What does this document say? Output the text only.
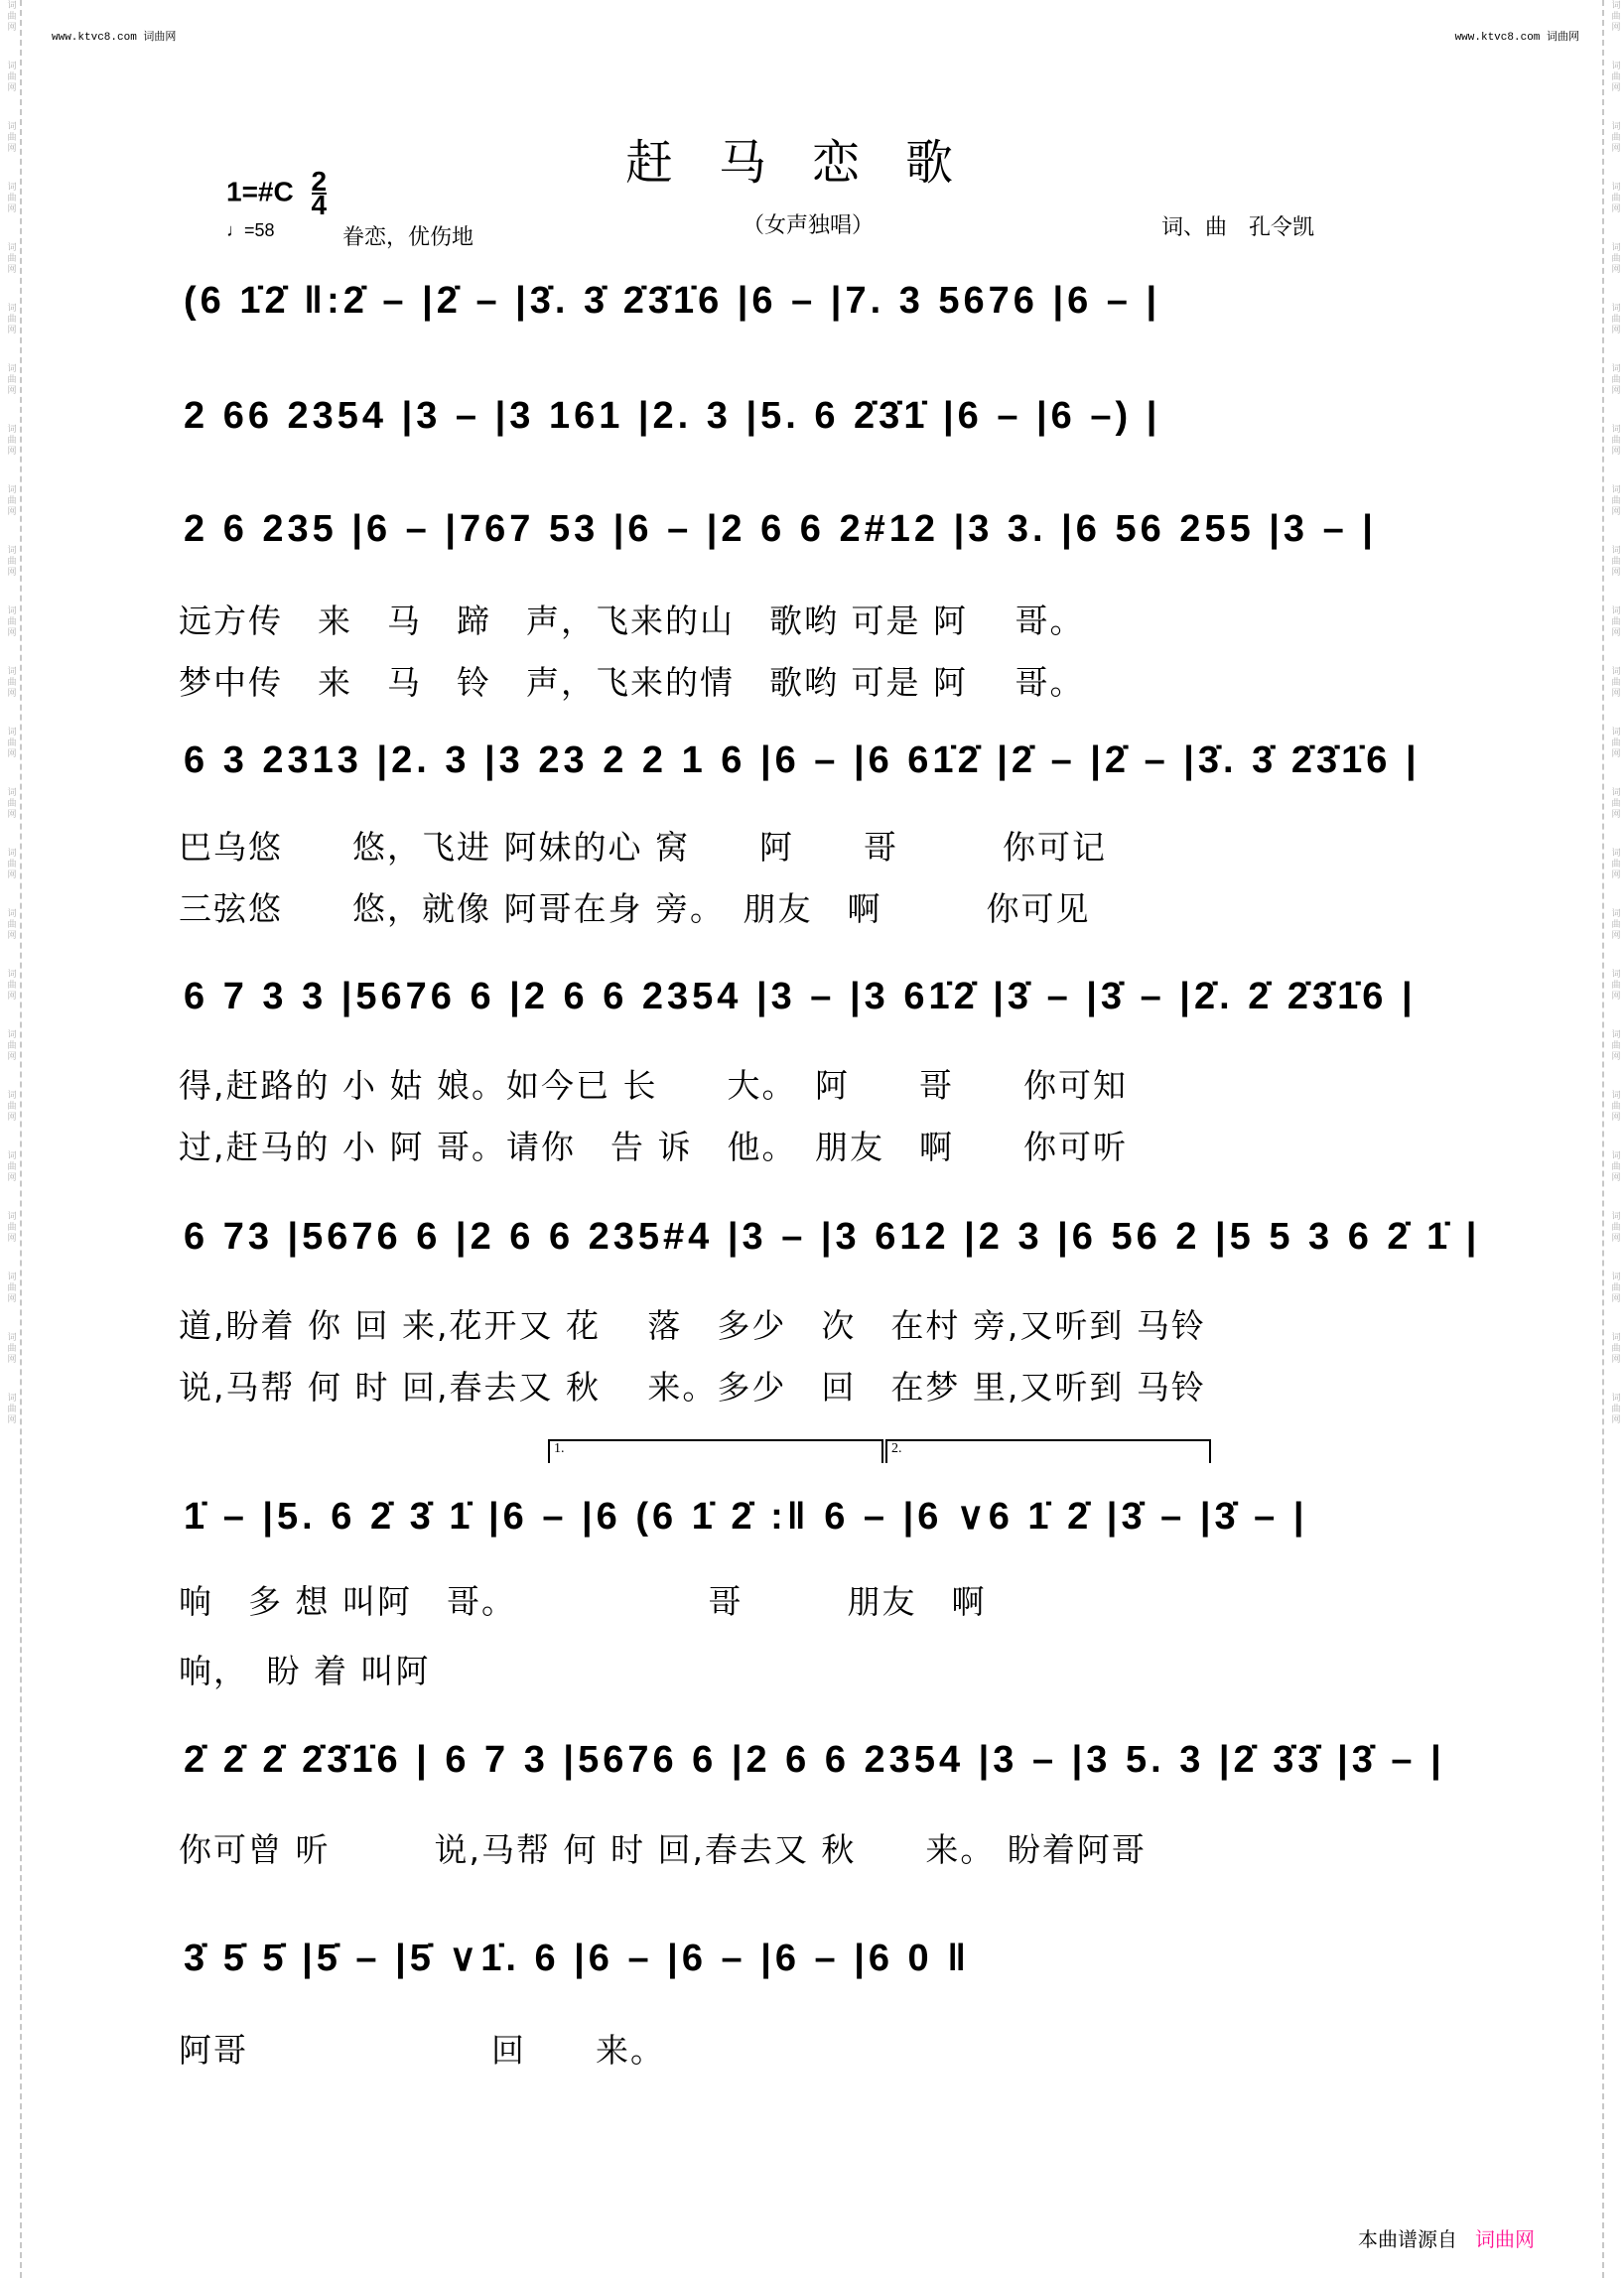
词曲网
词曲网
词曲网
词曲网
词曲网
词曲网
词曲网
词曲网
词曲网
词曲网
词曲网
词曲网
词曲网
词曲网
词曲网
词曲网
词曲网
词曲网
词曲网
词曲网
词曲网
词曲网
词曲网
词曲网
词曲网
词曲网
词曲网
词曲网
词曲网
词曲网
词曲网
词曲网
词曲网
词曲网
词曲网
词曲网
词曲网
词曲网
词曲网
词曲网
词曲网
词曲网
词曲网
词曲网
词曲网
词曲网
词曲网
词曲网
www.ktvc8.com 词曲网	www.ktvc8.com 词曲网
赶马恋歌
1=#C $\frac{2}{4}$
♩=58	眷恋，优伤地	（女声独唱）	词、曲　孔令凯
(6 1̇2̇ ‖:2̇ – |2̇ – |3̇. 3̇ 2̇3̇1̇6 |6 – |7. 3 5676 |6 – |
2 66 2354 |3 – |3 161 |2. 3 |5. 6 2̇3̇1̇ |6 – |6 –) |
2 6 235 |6 – |767 53 |6 – |2 6 6 2#12 |3 3. |6 56 255 |3 – |
远方传　来　马　蹄　声，飞来的山　歌哟 可是 阿　 哥。
梦中传　来　马　铃　声，飞来的情　歌哟 可是 阿　 哥。
6 3 2313 |2. 3 |3 23 2 2 1 6 |6 – |6 61̇2̇ |2̇ – |2̇ – |3̇. 3̇ 2̇3̇1̇6 |
巴乌悠　　悠，飞进 阿妹的心 窝　　阿　　哥　　　你可记
三弦悠　　悠，就像 阿哥在身 旁。　朋友　啊　　　你可见
6 7 3 3 |5676 6 |2 6 6 2354 |3 – |3 61̇2̇ |3̇ – |3̇ – |2̇. 2̇ 2̇3̇1̇6 |
得,赶路的 小 姑 娘。如今已 长　　大。　阿　　哥　　你可知
过,赶马的 小 阿 哥。请你　告 诉　他。　朋友　啊　　你可听
6 73 |5676 6 |2 6 6 235#4 |3 – |3 612 |2 3 |6 56 2 |5 5 3 6 2̇ 1̇ |
道,盼着 你 回 来,花开又 花　 落　多少　次　在村 旁,又听到 马铃
说,马帮 何 时 回,春去又 秋　 来。多少　回　在梦 里,又听到 马铃
1.	2.
1̇ – |5. 6 2̇ 3̇ 1̇ |6 – |6 (6 1̇ 2̇ :‖ 6 – |6 ∨6 1̇ 2̇ |3̇ – |3̇ – |
响　多 想 叫阿　哥。　　　　　　哥　　　朋友　啊
响，　盼 着 叫阿
2̇ 2̇ 2̇ 2̇3̇1̇6 | 6 7 3 |5676 6 |2 6 6 2354 |3 – |3 5. 3 |2̇ 3̇3̇ |3̇ – |
你可曾 听　　　说,马帮 何 时 回,春去又 秋　　来。 盼着阿哥
3̇ 5̇ 5̇ |5̇ – |5̇ ∨1̇. 6 |6 – |6 – |6 – |6 0 ‖
阿哥　　　　　　　回　　来。
本曲谱源自 词曲网
